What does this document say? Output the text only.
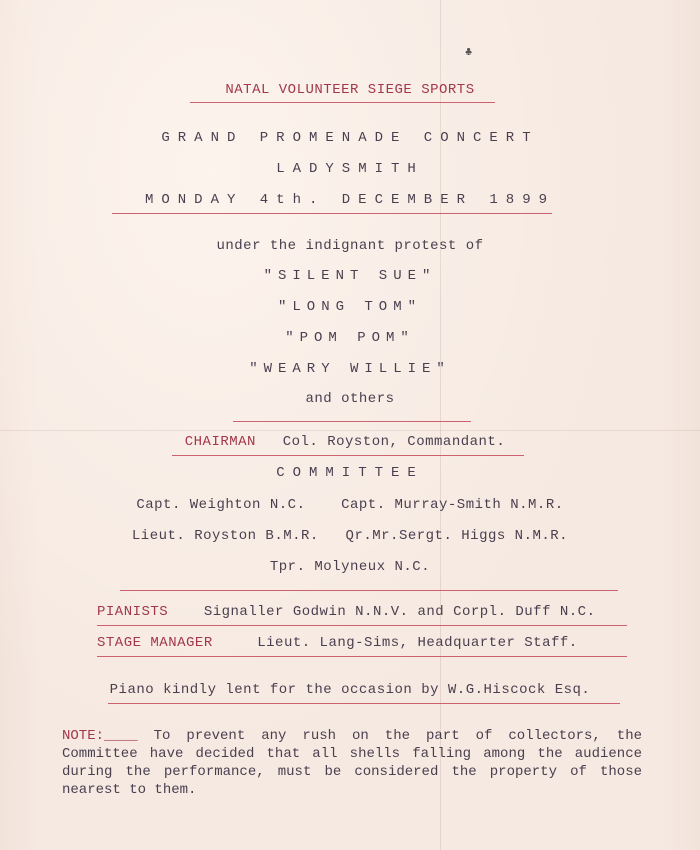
♣
NATAL VOLUNTEER SIEGE SPORTS
GRAND PROMENADE CONCERT
LADYSMITH
MONDAY 4th. DECEMBER 1899
under the indignant protest of
"SILENT SUE"
"LONG TOM"
"POM POM"
"WEARY WILLIE"
and others
CHAIRMAN Col. Royston, Commandant.
COMMITTEE
Capt. Weighton N.C.	Capt. Murray-Smith N.M.R.
Lieut. Royston B.M.R. Qr.Mr.Sergt. Higgs N.M.R.
Tpr. Molyneux N.C.
PIANISTS	Signaller Godwin N.N.V. and Corpl. Duff N.C.
STAGE MANAGER	Lieut. Lang-Sims, Headquarter Staff.
Piano kindly lent for the occasion by W.G.Hiscock Esq.
NOTE:____ To prevent any rush on the part of collectors, the Committee have decided that all shells falling among the audience during the performance, must be considered the property of those nearest to them.
